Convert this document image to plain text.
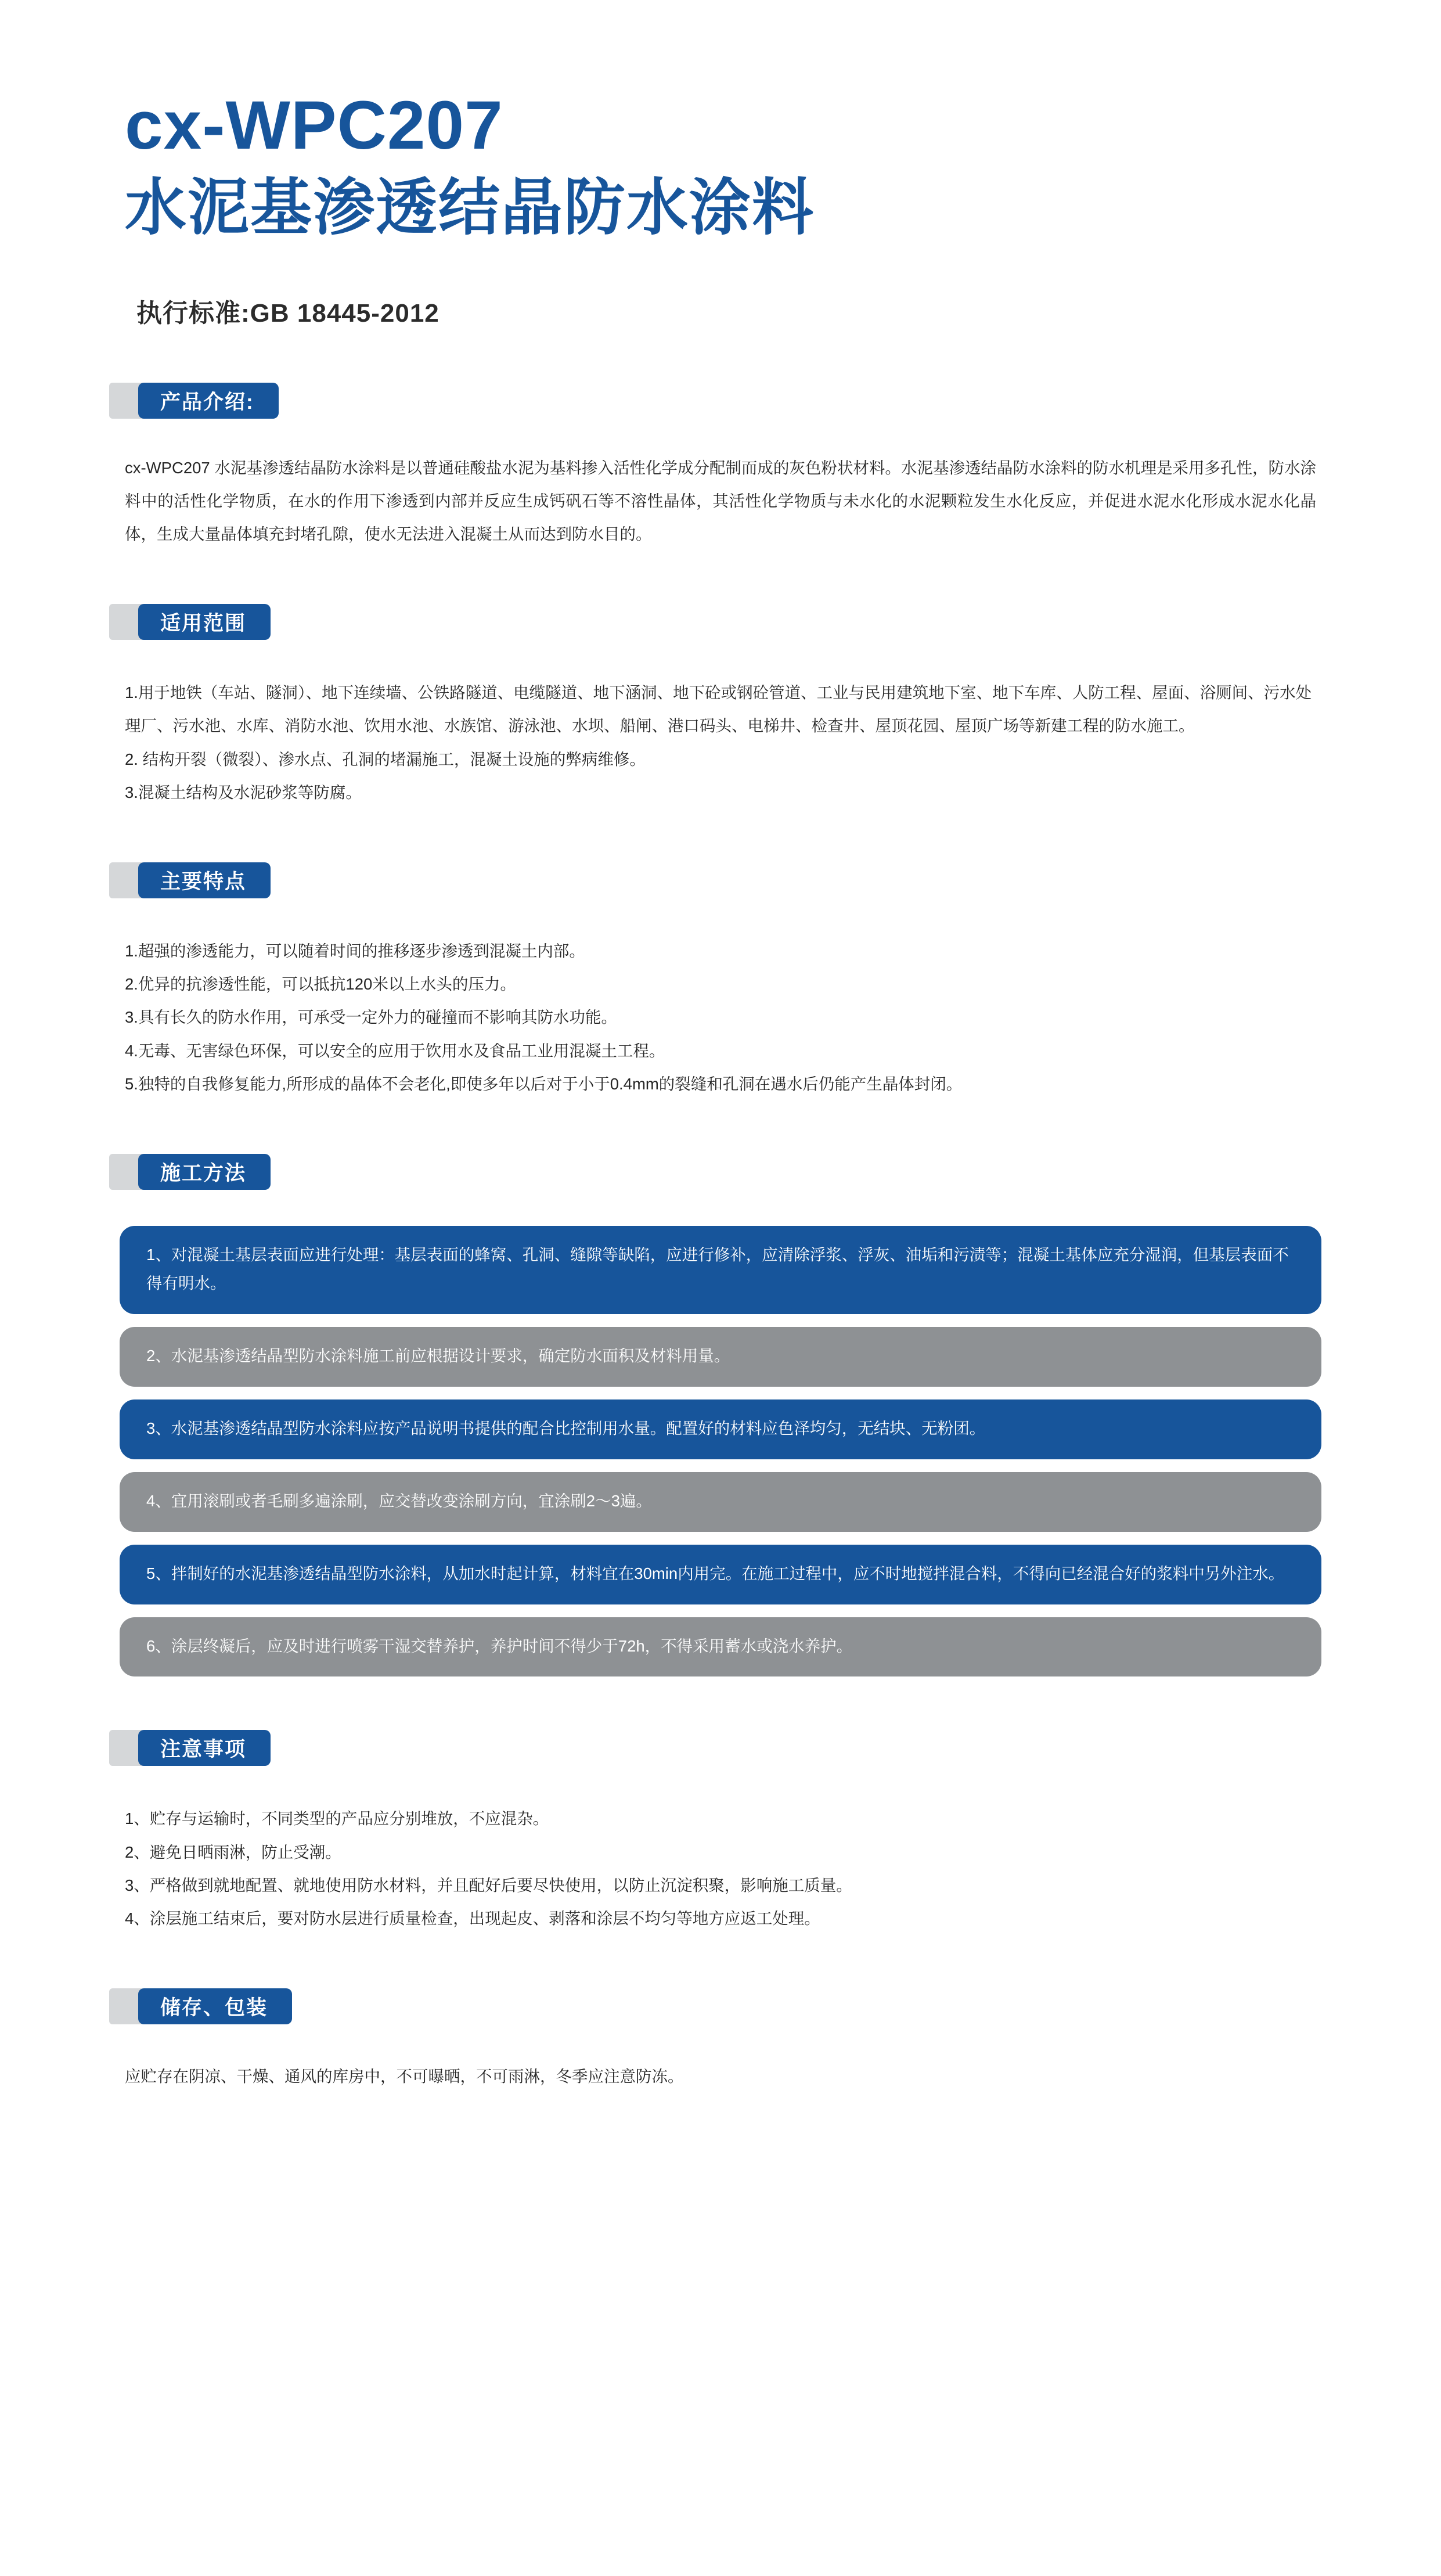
cx-WPC207
水泥基渗透结晶防水涂料
执行标准:GB 18445-2012
产品介绍:

cx-WPC207 水泥基渗透结晶防水涂料是以普通硅酸盐水泥为基料掺入活性化学成分配制而成的灰色粉状材料。水泥基渗透结晶防水涂料的防水机理是采用多孔性，防水涂料中的活性化学物质，在水的作用下渗透到内部并反应生成钙矾石等不溶性晶体，其活性化学物质与未水化的水泥颗粒发生水化反应，并促进水泥水化形成水泥水化晶体，生成大量晶体填充封堵孔隙，使水无法进入混凝土从而达到防水目的。

适用范围

1.用于地铁（车站、隧洞）、地下连续墙、公铁路隧道、电缆隧道、地下涵洞、地下砼或钢砼管道、工业与民用建筑地下室、地下车库、人防工程、屋面、浴厕间、污水处理厂、污水池、水库、消防水池、饮用水池、水族馆、游泳池、水坝、船闸、港口码头、电梯井、检查井、屋顶花园、屋顶广场等新建工程的防水施工。

2. 结构开裂（微裂）、渗水点、孔洞的堵漏施工，混凝土设施的弊病维修。

3.混凝土结构及水泥砂浆等防腐。

主要特点

1.超强的渗透能力，可以随着时间的推移逐步渗透到混凝土内部。

2.优异的抗渗透性能，可以抵抗120米以上水头的压力。

3.具有长久的防水作用，可承受一定外力的碰撞而不影响其防水功能。

4.无毒、无害绿色环保，可以安全的应用于饮用水及食品工业用混凝土工程。

5.独特的自我修复能力,所形成的晶体不会老化,即使多年以后对于小于0.4mm的裂缝和孔洞在遇水后仍能产生晶体封闭。

施工方法
1、对混凝土基层表面应进行处理：基层表面的蜂窝、孔洞、缝隙等缺陷，应进行修补，应清除浮浆、浮灰、油垢和污渍等；混凝土基体应充分湿润，但基层表面不得有明水。
2、水泥基渗透结晶型防水涂料施工前应根据设计要求，确定防水面积及材料用量。
3、水泥基渗透结晶型防水涂料应按产品说明书提供的配合比控制用水量。配置好的材料应色泽均匀，无结块、无粉团。
4、宜用滚刷或者毛刷多遍涂刷，应交替改变涂刷方向，宜涂刷2～3遍。
5、拌制好的水泥基渗透结晶型防水涂料，从加水时起计算，材料宜在30min内用完。在施工过程中，应不时地搅拌混合料，不得向已经混合好的浆料中另外注水。
6、涂层终凝后，应及时进行喷雾干湿交替养护，养护时间不得少于72h，不得采用蓄水或浇水养护。
注意事项

1、贮存与运输时，不同类型的产品应分别堆放，不应混杂。

2、避免日晒雨淋，防止受潮。

3、严格做到就地配置、就地使用防水材料，并且配好后要尽快使用，以防止沉淀积聚，影响施工质量。

4、涂层施工结束后，要对防水层进行质量检查，出现起皮、剥落和涂层不均匀等地方应返工处理。

储存、包装

应贮存在阴凉、干燥、通风的库房中，不可曝晒，不可雨淋，冬季应注意防冻。
